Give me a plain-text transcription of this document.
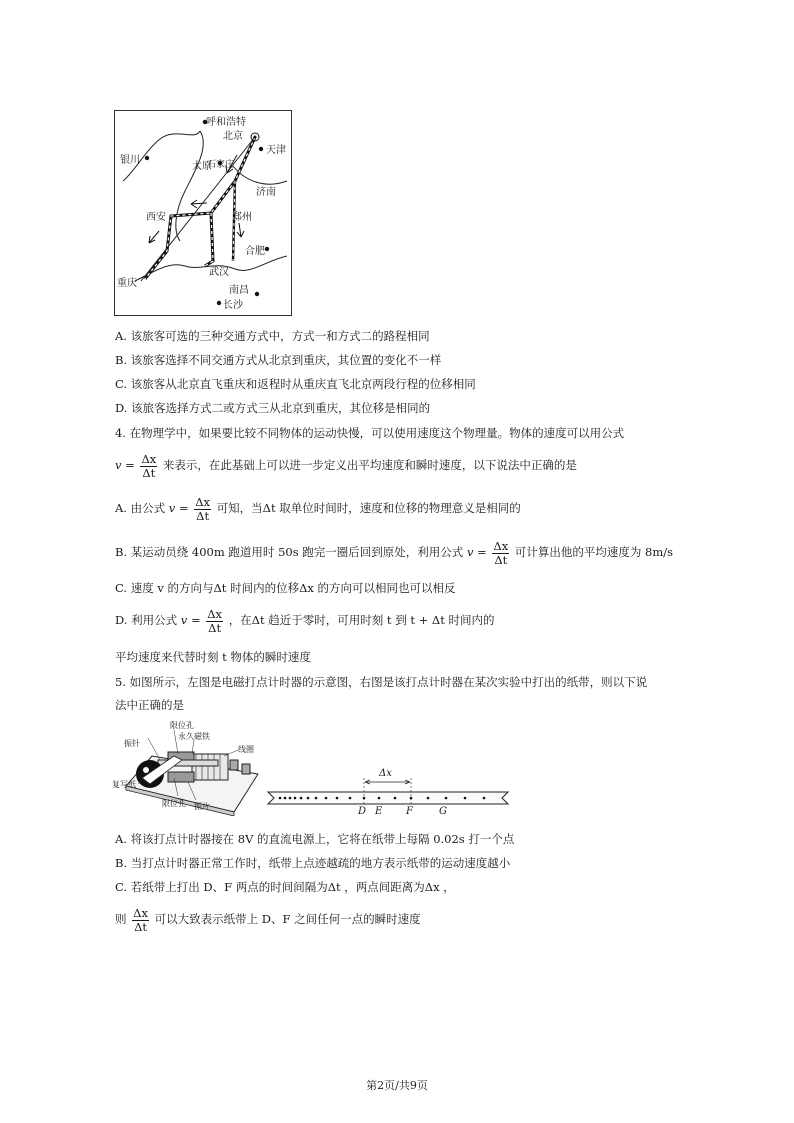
呼和浩特
北京
天津
银川
太原
石家庄
济南
西安	郑州
合肥
武汉
重庆
南昌
长沙
A. 该旅客可选的三种交通方式中，方式一和方式二的路程相同
B. 该旅客选择不同交通方式从北京到重庆，其位置的变化不一样
C. 该旅客从北京直飞重庆和返程时从重庆直飞北京两段行程的位移相同
D. 该旅客选择方式二或方式三从北京到重庆，其位移是相同的
4. 在物理学中，如果要比较不同物体的运动快慢，可以使用速度这个物理量。物体的速度可以用公式
$v = \frac{\Delta x}{\Delta t}$ 来表示，在此基础上可以进一步定义出平均速度和瞬时速度，以下说法中正确的是
A. 由公式 $v = \frac{\Delta x}{\Delta t}$ 可知，当Δt 取单位时间时，速度和位移的物理意义是相同的
B. 某运动员绕 400m 跑道用时 50s 跑完一圈后回到原处，利用公式 $v = \frac{\Delta x}{\Delta t}$ 可计算出他的平均速度为 8m/s
C. 速度 v 的方向与Δt 时间内的位移Δx 的方向可以相同也可以相反
D. 利用公式 $v = \frac{\Delta x}{\Delta t}$ ，在Δt 趋近于零时，可用时刻 t 到 t + Δt 时间内的
平均速度来代替时刻 t 物体的瞬时速度
5. 如图所示，左图是电磁打点计时器的示意图，右图是该打点计时器在某次实验中打出的纸带，则以下说
法中正确的是
限位孔
永久磁铁
振针
线圈
复写纸
限位孔 振片
Δx
D E F	G
A. 将该打点计时器接在 8V 的直流电源上，它将在纸带上每隔 0.02s 打一个点
B. 当打点计时器正常工作时，纸带上点迹越疏的地方表示纸带的运动速度越小
C. 若纸带上打出 D、F 两点的时间间隔为Δt ，两点间距离为Δx ，
则 $\frac{\Delta x}{\Delta t}$ 可以大致表示纸带上 D、F 之间任何一点的瞬时速度
第2页/共9页
